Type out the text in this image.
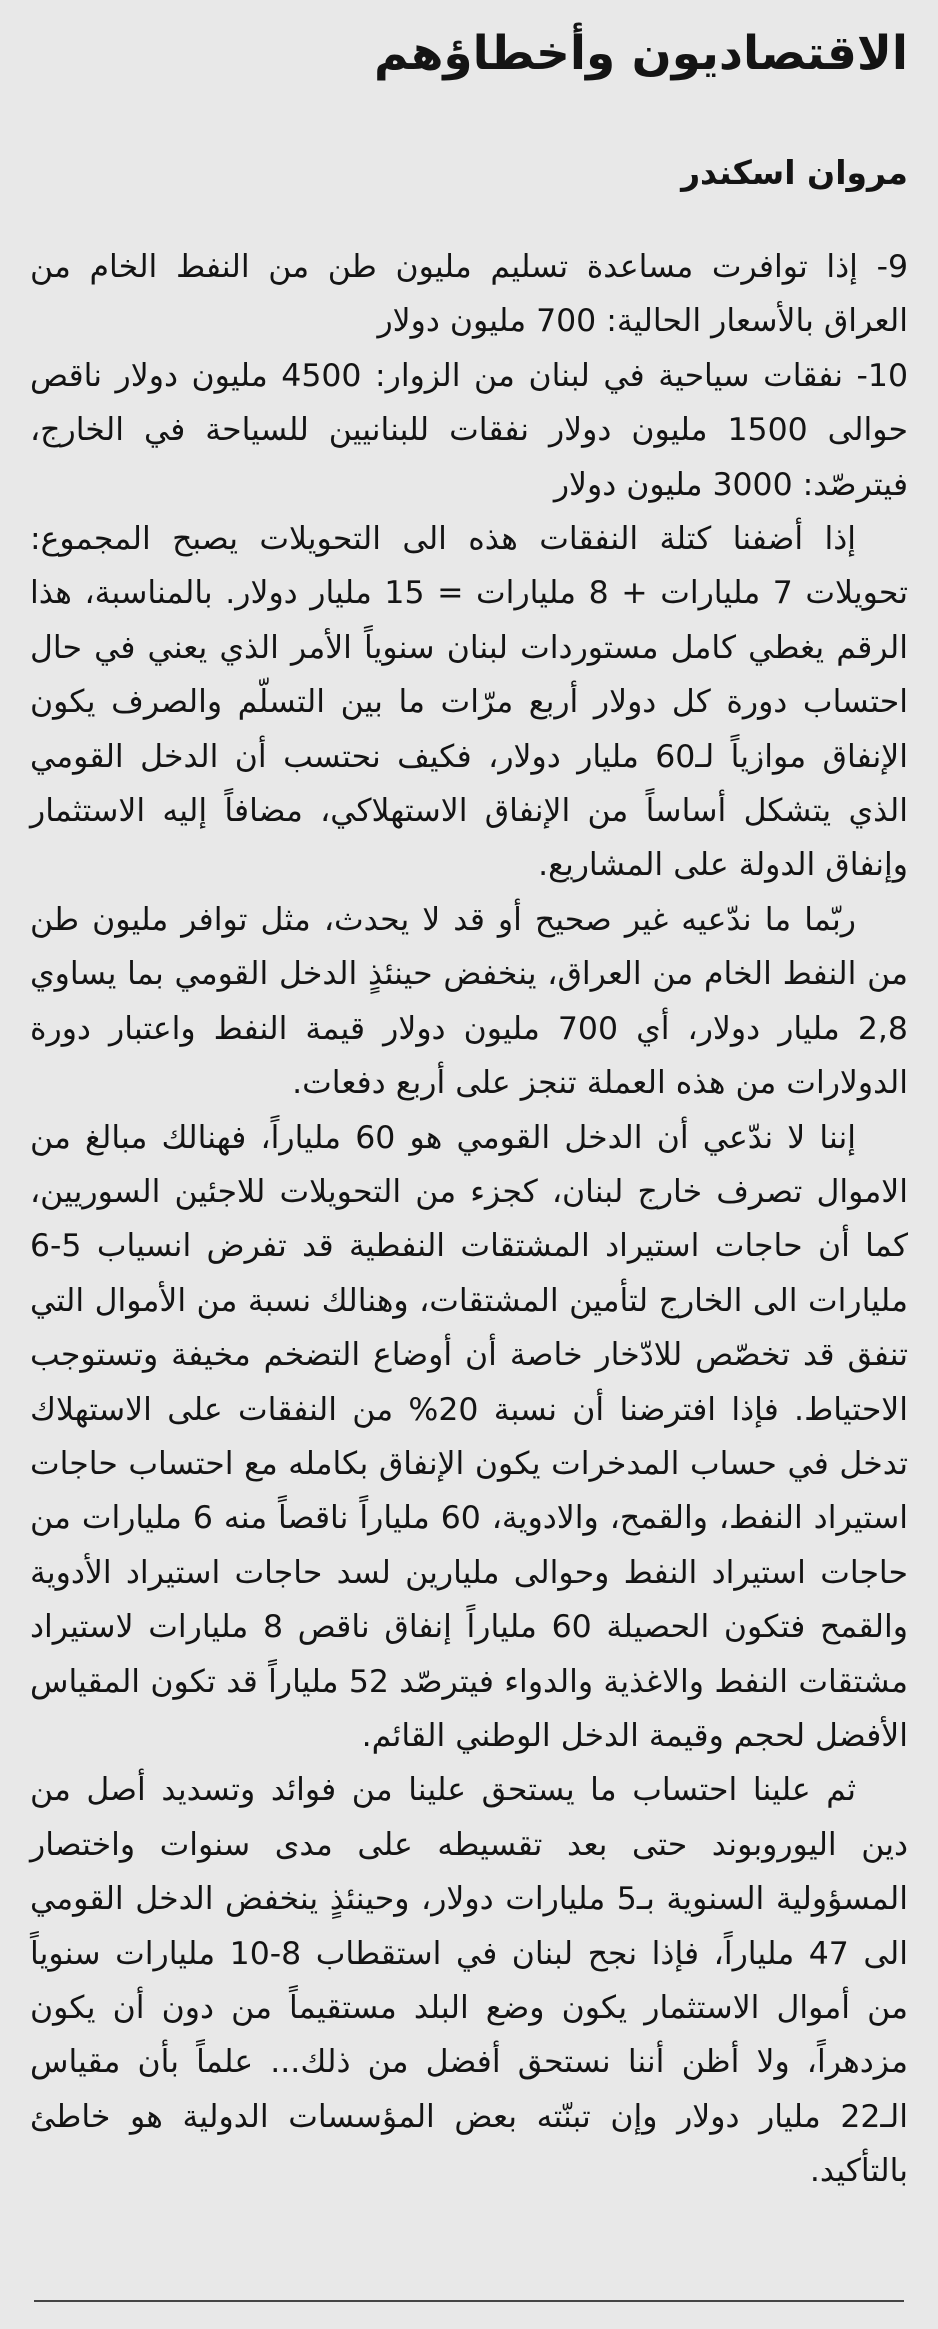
الاقتصاديون وأخطاؤهم
مروان اسكندر

9- إذا توافرت مساعدة تسليم مليون طن من النفط الخام من العراق بالأسعار الحالية: 700 مليون دولار

10- نفقات سياحية في لبنان من الزوار: 4500 مليون دولار ناقص حوالى 1500 مليون دولار نفقات للبنانيين للسياحة في الخارج، فيترصّد: 3000 مليون دولار

إذا أضفنا كتلة النفقات هذه الى التحويلات يصبح المجموع: تحويلات 7 مليارات + 8 مليارات = 15 مليار دولار. بالمناسبة، هذا الرقم يغطي كامل مستوردات لبنان سنوياً الأمر الذي يعني في حال احتساب دورة كل دولار أربع مرّات ما بين التسلّم والصرف يكون الإنفاق موازياً لـ60 مليار دولار، فكيف نحتسب أن الدخل القومي الذي يتشكل أساساً من الإنفاق الاستهلاكي، مضافاً إليه الاستثمار وإنفاق الدولة على المشاريع.

ربّما ما ندّعيه غير صحيح أو قد لا يحدث، مثل توافر مليون طن من النفط الخام من العراق، ينخفض حينئذٍ الدخل القومي بما يساوي 2,8 مليار دولار، أي 700 مليون دولار قيمة النفط واعتبار دورة الدولارات من هذه العملة تنجز على أربع دفعات.

إننا لا ندّعي أن الدخل القومي هو 60 ملياراً، فهنالك مبالغ من الاموال تصرف خارج لبنان، كجزء من التحويلات للاجئين السوريين، كما أن حاجات استيراد المشتقات النفطية قد تفرض انسياب 5-6 مليارات الى الخارج لتأمين المشتقات، وهنالك نسبة من الأموال التي تنفق قد تخصّص للادّخار خاصة أن أوضاع التضخم مخيفة وتستوجب الاحتياط. فإذا افترضنا أن نسبة 20% من النفقات على الاستهلاك تدخل في حساب المدخرات يكون الإنفاق بكامله مع احتساب حاجات استيراد النفط، والقمح، والادوية، 60 ملياراً ناقصاً منه 6 مليارات من حاجات استيراد النفط وحوالى مليارين لسد حاجات استيراد الأدوية والقمح فتكون الحصيلة 60 ملياراً إنفاق ناقص 8 مليارات لاستيراد مشتقات النفط والاغذية والدواء فيترصّد 52 ملياراً قد تكون المقياس الأفضل لحجم وقيمة الدخل الوطني القائم.

ثم علينا احتساب ما يستحق علينا من فوائد وتسديد أصل من دين اليوروبوند حتى بعد تقسيطه على مدى سنوات واختصار المسؤولية السنوية بـ5 مليارات دولار، وحينئذٍ ينخفض الدخل القومي الى 47 ملياراً، فإذا نجح لبنان في استقطاب 8-10 مليارات سنوياً من أموال الاستثمار يكون وضع البلد مستقيماً من دون أن يكون مزدهراً، ولا أظن أننا نستحق أفضل من ذلك... علماً بأن مقياس الـ22 مليار دولار وإن تبنّته بعض المؤسسات الدولية هو خاطئ بالتأكيد.
